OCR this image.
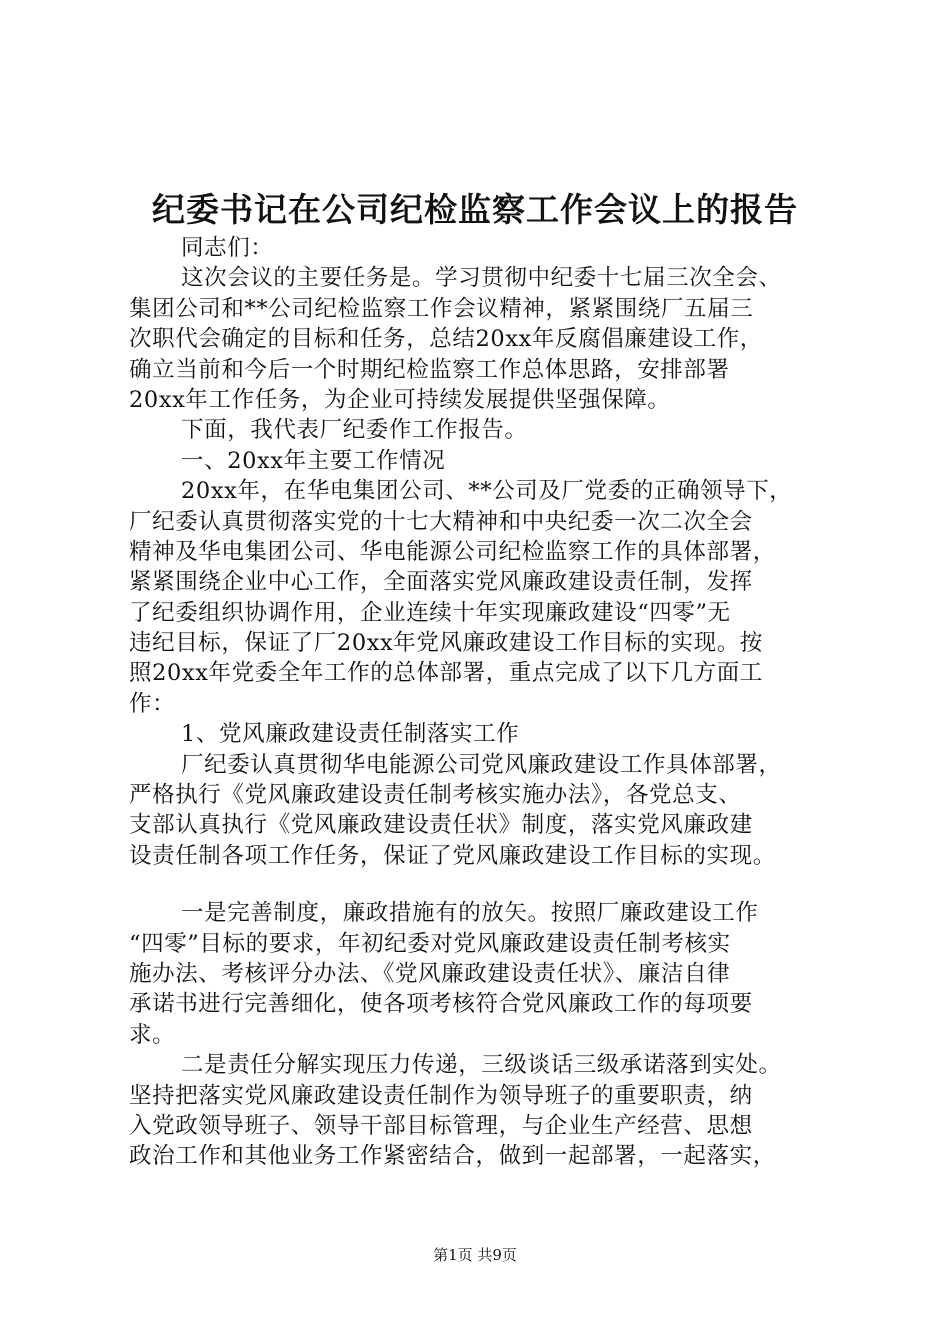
纪委书记在公司纪检监察工作会议上的报告
同志们：
这次会议的主要任务是。学习贯彻中纪委十七届三次全会、
集团公司和**公司纪检监察工作会议精神，紧紧围绕厂五届三
次职代会确定的目标和任务，总结20xx年反腐倡廉建设工作，
确立当前和今后一个时期纪检监察工作总体思路，安排部署
20xx年工作任务，为企业可持续发展提供坚强保障。
下面，我代表厂纪委作工作报告。
一、20xx年主要工作情况
20xx年，在华电集团公司、**公司及厂党委的正确领导下，
厂纪委认真贯彻落实党的十七大精神和中央纪委一次二次全会
精神及华电集团公司、华电能源公司纪检监察工作的具体部署，
紧紧围绕企业中心工作，全面落实党风廉政建设责任制，发挥
了纪委组织协调作用，企业连续十年实现廉政建设“四零”无
违纪目标，保证了厂20xx年党风廉政建设工作目标的实现。按
照20xx年党委全年工作的总体部署，重点完成了以下几方面工
作：
1、党风廉政建设责任制落实工作
厂纪委认真贯彻华电能源公司党风廉政建设工作具体部署，
严格执行《党风廉政建设责任制考核实施办法》，各党总支、
支部认真执行《党风廉政建设责任状》制度，落实党风廉政建
设责任制各项工作任务，保证了党风廉政建设工作目标的实现。
一是完善制度，廉政措施有的放矢。按照厂廉政建设工作
“四零”目标的要求，年初纪委对党风廉政建设责任制考核实
施办法、考核评分办法、《党风廉政建设责任状》、廉洁自律
承诺书进行完善细化，使各项考核符合党风廉政工作的每项要
求。
二是责任分解实现压力传递，三级谈话三级承诺落到实处。
坚持把落实党风廉政建设责任制作为领导班子的重要职责，纳
入党政领导班子、领导干部目标管理，与企业生产经营、思想
政治工作和其他业务工作紧密结合，做到一起部署，一起落实，
第1页 共9页
